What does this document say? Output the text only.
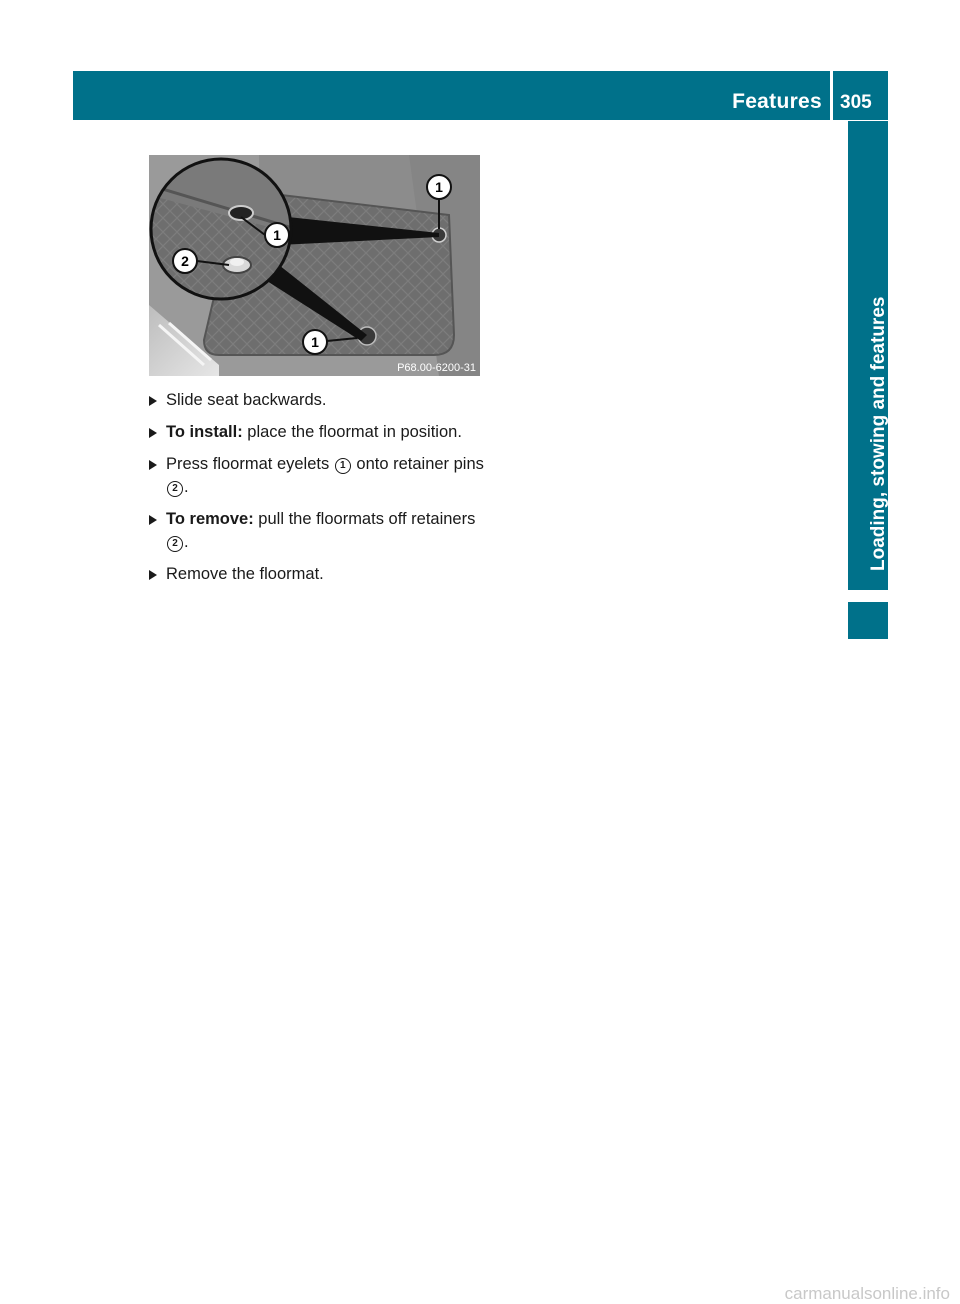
Features 305
Loading, stowing and features
1
1
2
1
P68.00-6200-31
Slide seat backwards.
To install: place the floormat in position.
Press floormat eyelets 1 onto retainer pins 2 .
To remove: pull the floormats off retainers 2 .
Remove the floormat.
carmanualsonline.info
